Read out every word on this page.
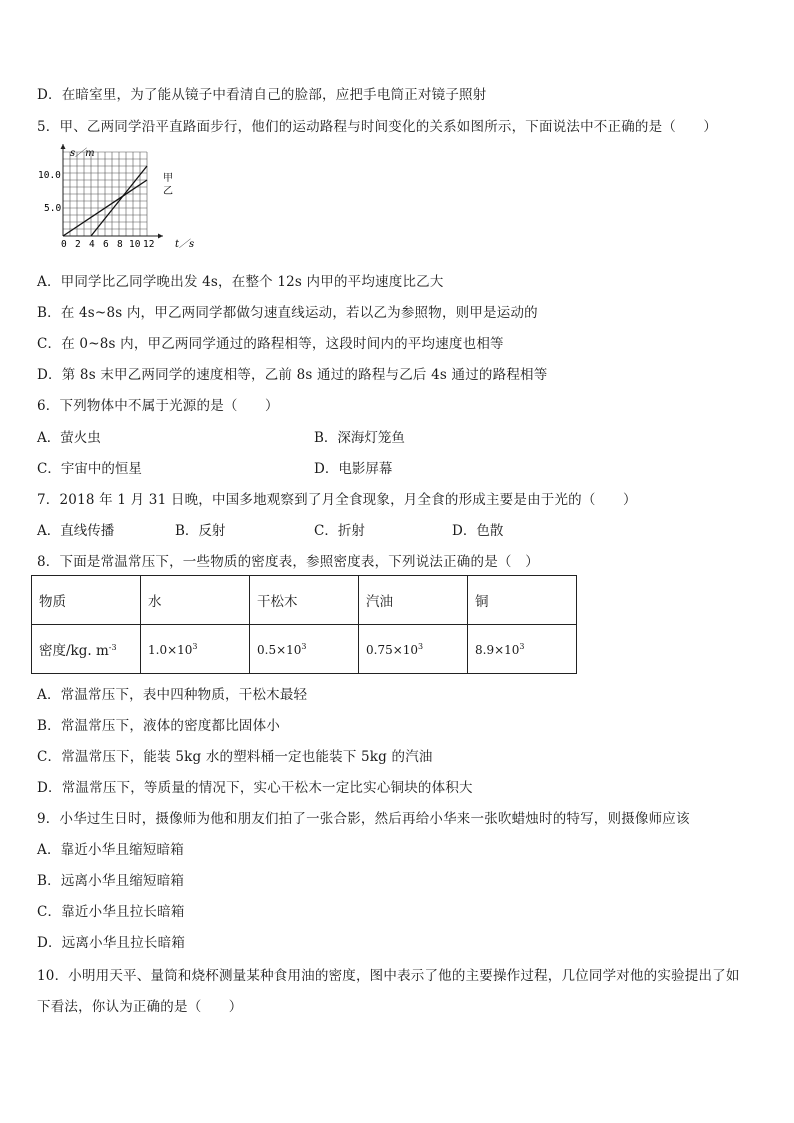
D．在暗室里，为了能从镜子中看清自己的脸部，应把手电筒正对镜子照射
5．甲、乙两同学沿平直路面步行，他们的运动路程与时间变化的关系如图所示，下面说法中不正确的是（　　）
s／m
t／s
10.0
5.0
0 2 4 6 8 10 12
甲
乙
A．甲同学比乙同学晚出发 4s，在整个 12s 内甲的平均速度比乙大
B．在 4s~8s 内，甲乙两同学都做匀速直线运动，若以乙为参照物，则甲是运动的
C．在 0~8s 内，甲乙两同学通过的路程相等，这段时间内的平均速度也相等
D．第 8s 末甲乙两同学的速度相等，乙前 8s 通过的路程与乙后 4s 通过的路程相等
6．下列物体中不属于光源的是（　　）
A．萤火虫	B．深海灯笼鱼
C．宇宙中的恒星	D．电影屏幕
7．2018 年 1 月 31 日晚，中国多地观察到了月全食现象，月全食的形成主要是由于光的（　　）
A．直线传播	B．反射	C．折射	D．色散
8．下面是常温常压下，一些物质的密度表，参照密度表，下列说法正确的是（　）
物质	水	干松木	汽油	铜
密度/kg. $m^{-3}$	$1.0\times 10^3$	$0.5\times 10^3$	$0.75\times 10^3$	$8.9\times 10^3$
A．常温常压下，表中四种物质，干松木最轻
B．常温常压下，液体的密度都比固体小
C．常温常压下，能装 5kg 水的塑料桶一定也能装下 5kg 的汽油
D．常温常压下，等质量的情况下，实心干松木一定比实心铜块的体积大
9．小华过生日时，摄像师为他和朋友们拍了一张合影，然后再给小华来一张吹蜡烛时的特写，则摄像师应该
A．靠近小华且缩短暗箱
B．远离小华且缩短暗箱
C．靠近小华且拉长暗箱
D．远离小华且拉长暗箱
10．小明用天平、量筒和烧杯测量某种食用油的密度，图中表示了他的主要操作过程，几位同学对他的实验提出了如
下看法，你认为正确的是（　　）
